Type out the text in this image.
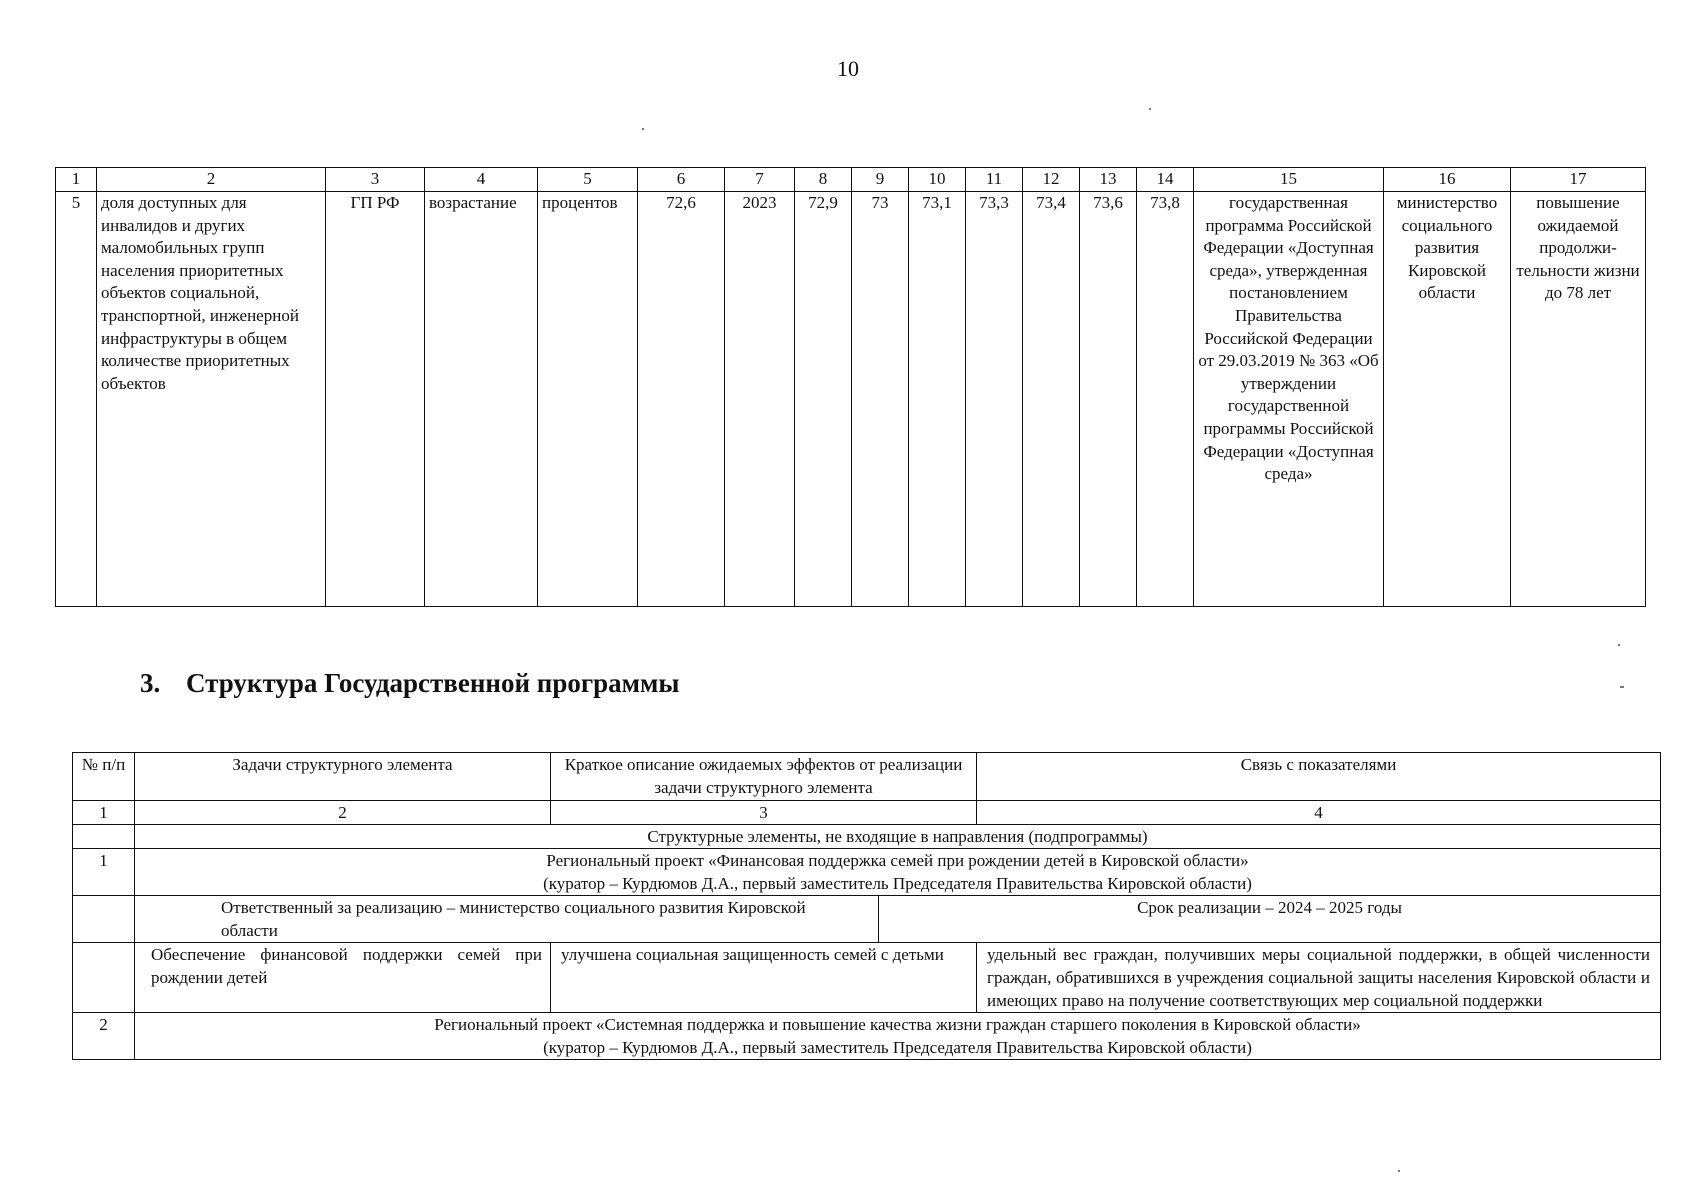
10
1	2	3	4	5	6	7	8	9	10	11	12	13	14	15	16	17
5	доля доступных для инвалидов и других маломобильных групп населения приоритетных объектов социальной, транспортной, инженерной инфраструктуры в общем количестве приоритетных объектов	ГП РФ	возрастание	процентов	72,6	2023	72,9	73	73,1	73,3	73,4	73,6	73,8	государственная программа Российской Федерации «Доступная среда», утвержденная постановлением Правительства Российской Федерации от 29.03.2019 № 363 «Об утверждении государственной программы Российской Федерации «Доступная среда»	министерство социального развития Кировской области	повышение ожидаемой продолжи-тельности жизни до 78 лет
3. Структура Государственной программы
№ п/п	Задачи структурного элемента	Краткое описание ожидаемых эффектов от реализации задачи структурного элемента		Связь с показателями
1	2	3		4
	Структурные элементы, не входящие в направления (подпрограммы)			
1	Региональный проект «Финансовая поддержка семей при рождении детей в Кировской области»
(куратор – Курдюмов Д.А., первый заместитель Председателя Правительства Кировской области)			

	Ответственный за реализацию – министерство социального развития Кировской области		Срок реализации – 2024 – 2025 годы	
	Обеспечение финансовой поддержки семей при рождении детей	улучшена социальная защищенность семей с детьми		удельный вес граждан, получивших меры социальной поддержки, в общей численности граждан, обратившихся в учреждения социальной защиты населения Кировской области и имеющих право на получение соответствующих мер социальной поддержки
2	Региональный проект «Системная поддержка и повышение качества жизни граждан старшего поколения в Кировской области»
(куратор – Курдюмов Д.А., первый заместитель Председателя Правительства Кировской области)			
